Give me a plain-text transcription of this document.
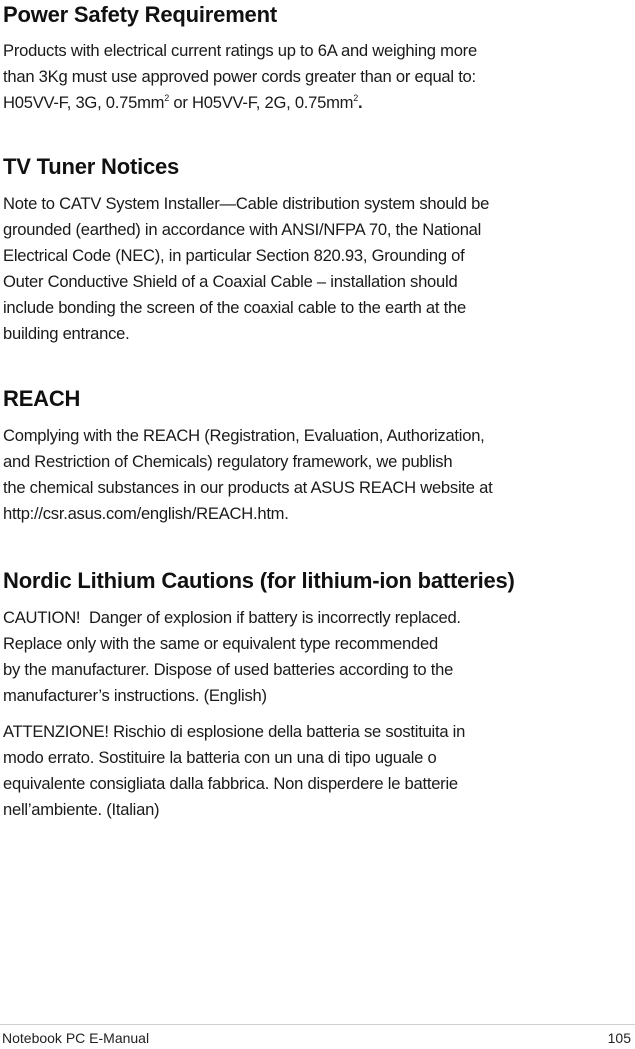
Power Safety Requirement

Products with electrical current ratings up to 6A and weighing more
than 3Kg must use approved power cords greater than or equal to:
H05VV-F, 3G, $0.75mm^2$ or H05VV-F, 2G, $0.75mm^2$.

TV Tuner Notices

Note to CATV System Installer—Cable distribution system should be
grounded (earthed) in accordance with ANSI/NFPA 70, the National
Electrical Code (NEC), in particular Section 820.93, Grounding of
Outer Conductive Shield of a Coaxial Cable – installation should
include bonding the screen of the coaxial cable to the earth at the
building entrance.

REACH

Complying with the REACH (Registration, Evaluation, Authorization,
and Restriction of Chemicals) regulatory framework, we publish
the chemical substances in our products at ASUS REACH website at
http://csr.asus.com/english/REACH.htm.

Nordic Lithium Cautions (for lithium-ion batteries)

CAUTION!  Danger of explosion if battery is incorrectly replaced.
Replace only with the same or equivalent type recommended
by the manufacturer. Dispose of used batteries according to the
manufacturer’s instructions. (English)

ATTENZIONE! Rischio di esplosione della batteria se sostituita in
modo errato. Sostituire la batteria con un una di tipo uguale o
equivalente consigliata dalla fabbrica. Non disperdere le batterie
nell’ambiente. (Italian)

Notebook PC E-Manual	105
